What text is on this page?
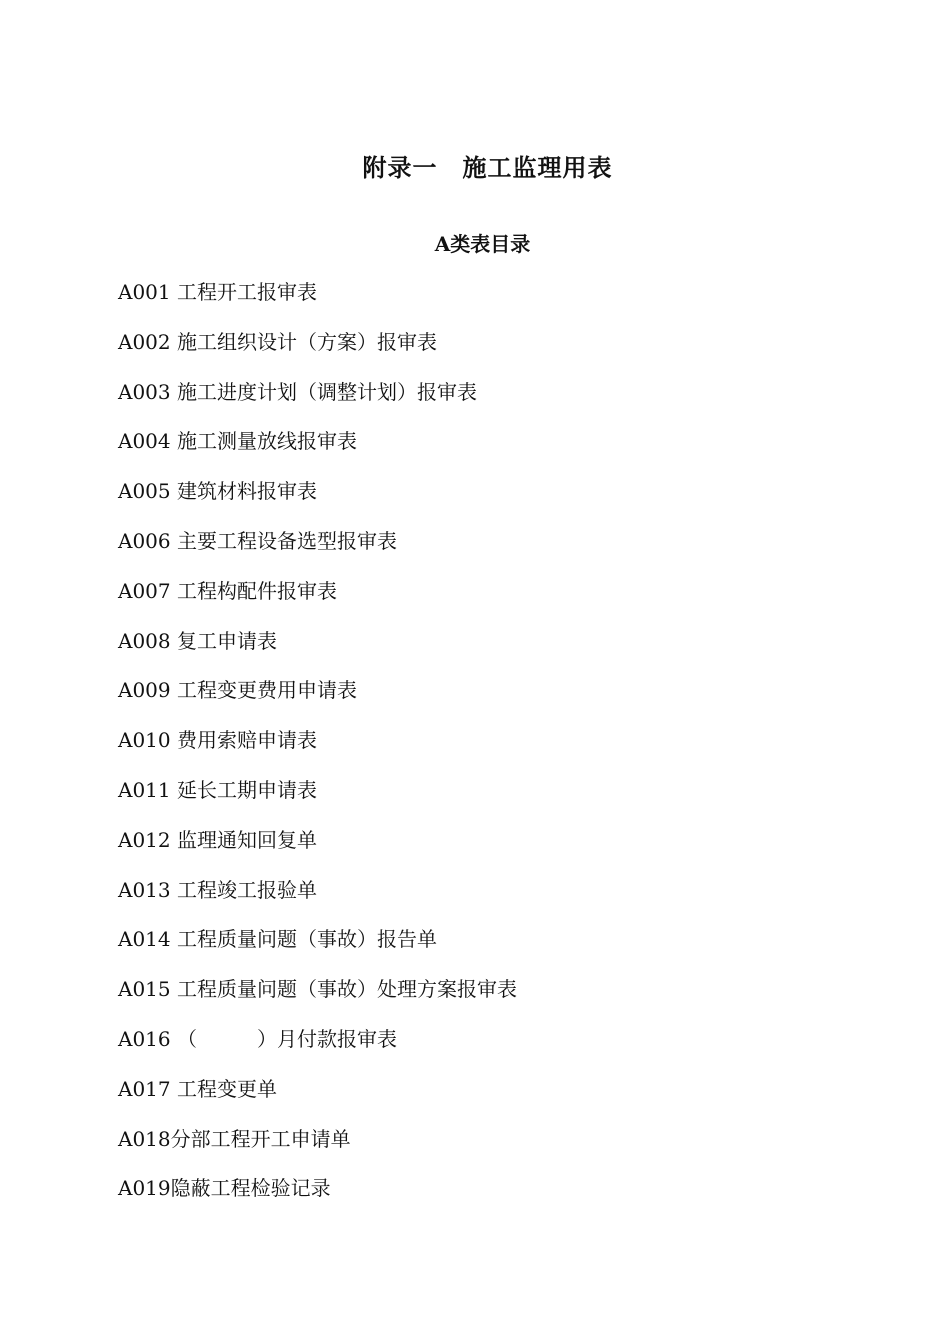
附录一　施工监理用表
A类表目录
A001 工程开工报审表
A002 施工组织设计（方案）报审表
A003 施工进度计划（调整计划）报审表
A004 施工测量放线报审表
A005 建筑材料报审表
A006 主要工程设备选型报审表
A007 工程构配件报审表
A008 复工申请表
A009 工程变更费用申请表
A010 费用索赔申请表
A011 延长工期申请表
A012 监理通知回复单
A013 工程竣工报验单
A014 工程质量问题（事故）报告单
A015 工程质量问题（事故）处理方案报审表
A016 （　　　）月付款报审表
A017 工程变更单
A018分部工程开工申请单
A019隐蔽工程检验记录
